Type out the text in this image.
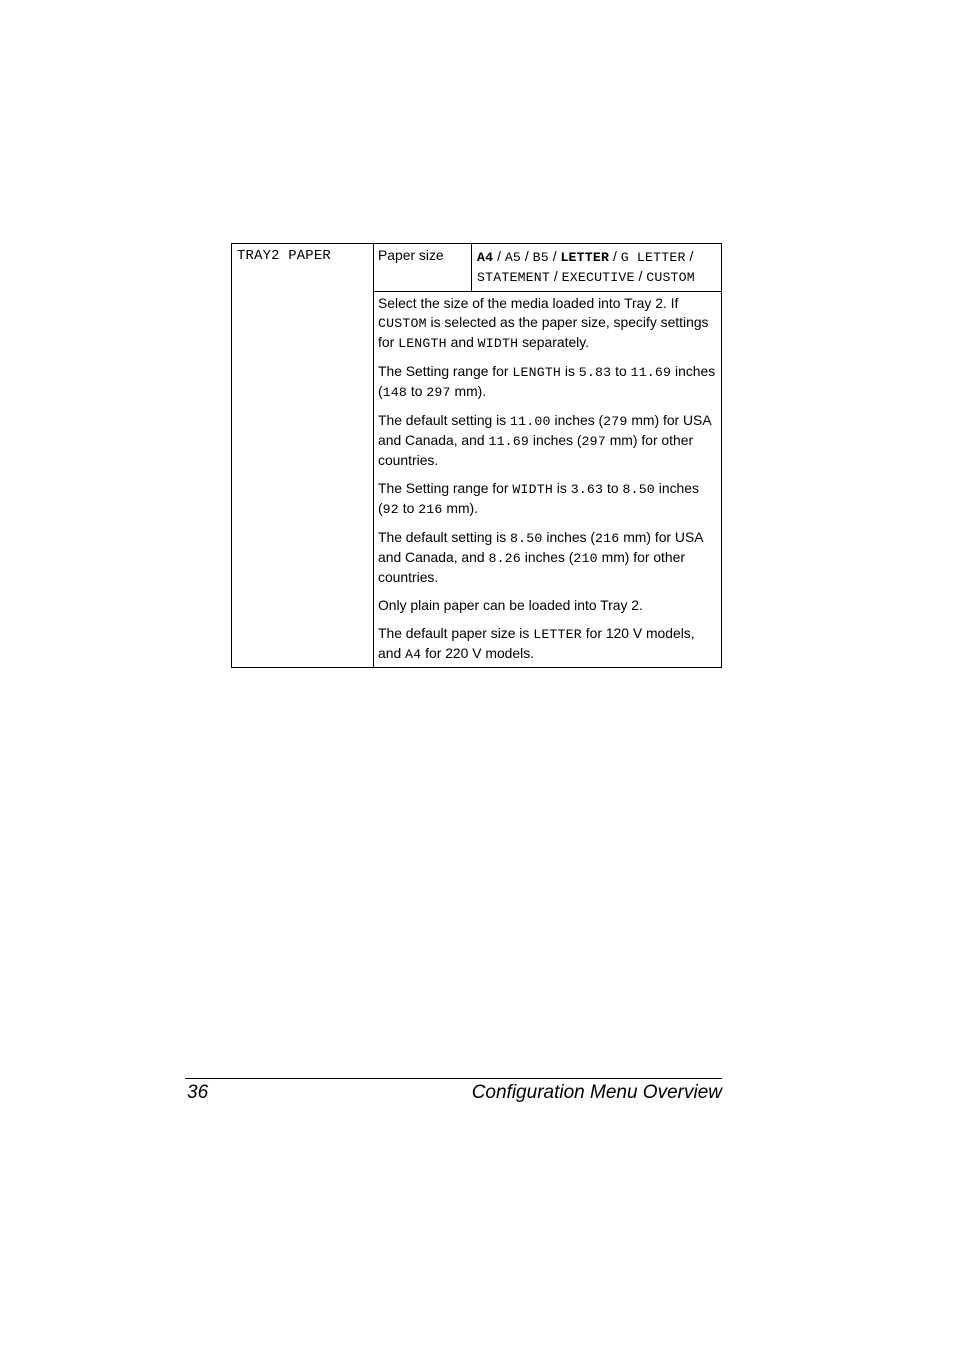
TRAY2 PAPER	Paper size	A4 / A5 / B5 / LETTER / G LETTER / STATEMENT / EXECUTIVE / CUSTOM

Select the size of the media loaded into Tray 2. If CUSTOM is selected as the paper size, specify settings for LENGTH and WIDTH separately.

The Setting range for LENGTH is 5.83 to 11.69 inches (148 to 297 mm).

The default setting is 11.00 inches (279 mm) for USA and Canada, and 11.69 inches (297 mm) for other countries.

The Setting range for WIDTH is 3.63 to 8.50 inches (92 to 216 mm).

The default setting is 8.50 inches (216 mm) for USA and Canada, and 8.26 inches (210 mm) for other countries.

Only plain paper can be loaded into Tray 2.

The default paper size is LETTER for 120 V models, and A4 for 220 V models.

36	Configuration Menu Overview
